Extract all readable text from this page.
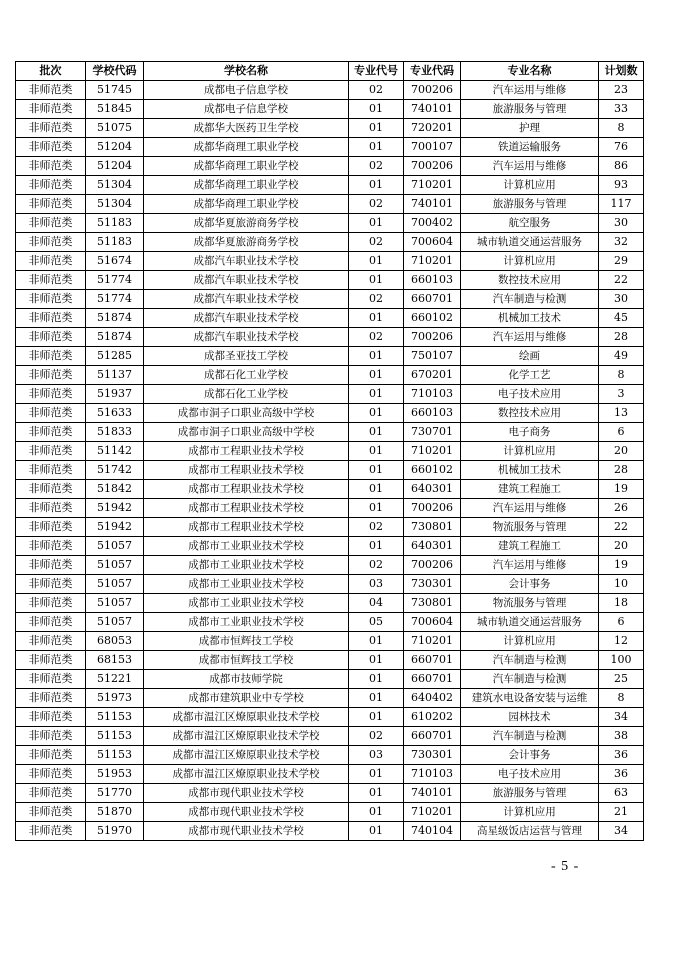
批次	学校代码	学校名称	专业代号	专业代码	专业名称	计划数
非师范类	51745	成都电子信息学校	02	700206	汽车运用与维修	23
非师范类	51845	成都电子信息学校	01	740101	旅游服务与管理	33
非师范类	51075	成都华大医药卫生学校	01	720201	护理	8
非师范类	51204	成都华商理工职业学校	01	700107	铁道运输服务	76
非师范类	51204	成都华商理工职业学校	02	700206	汽车运用与维修	86
非师范类	51304	成都华商理工职业学校	01	710201	计算机应用	93
非师范类	51304	成都华商理工职业学校	02	740101	旅游服务与管理	117
非师范类	51183	成都华夏旅游商务学校	01	700402	航空服务	30
非师范类	51183	成都华夏旅游商务学校	02	700604	城市轨道交通运营服务	32
非师范类	51674	成都汽车职业技术学校	01	710201	计算机应用	29
非师范类	51774	成都汽车职业技术学校	01	660103	数控技术应用	22
非师范类	51774	成都汽车职业技术学校	02	660701	汽车制造与检测	30
非师范类	51874	成都汽车职业技术学校	01	660102	机械加工技术	45
非师范类	51874	成都汽车职业技术学校	02	700206	汽车运用与维修	28
非师范类	51285	成都圣亚技工学校	01	750107	绘画	49
非师范类	51137	成都石化工业学校	01	670201	化学工艺	8
非师范类	51937	成都石化工业学校	01	710103	电子技术应用	3
非师范类	51633	成都市洞子口职业高级中学校	01	660103	数控技术应用	13
非师范类	51833	成都市洞子口职业高级中学校	01	730701	电子商务	6
非师范类	51142	成都市工程职业技术学校	01	710201	计算机应用	20
非师范类	51742	成都市工程职业技术学校	01	660102	机械加工技术	28
非师范类	51842	成都市工程职业技术学校	01	640301	建筑工程施工	19
非师范类	51942	成都市工程职业技术学校	01	700206	汽车运用与维修	26
非师范类	51942	成都市工程职业技术学校	02	730801	物流服务与管理	22
非师范类	51057	成都市工业职业技术学校	01	640301	建筑工程施工	20
非师范类	51057	成都市工业职业技术学校	02	700206	汽车运用与维修	19
非师范类	51057	成都市工业职业技术学校	03	730301	会计事务	10
非师范类	51057	成都市工业职业技术学校	04	730801	物流服务与管理	18
非师范类	51057	成都市工业职业技术学校	05	700604	城市轨道交通运营服务	6
非师范类	68053	成都市恒辉技工学校	01	710201	计算机应用	12
非师范类	68153	成都市恒辉技工学校	01	660701	汽车制造与检测	100
非师范类	51221	成都市技师学院	01	660701	汽车制造与检测	25
非师范类	51973	成都市建筑职业中专学校	01	640402	建筑水电设备安装与运维	8
非师范类	51153	成都市温江区燎原职业技术学校	01	610202	园林技术	34
非师范类	51153	成都市温江区燎原职业技术学校	02	660701	汽车制造与检测	38
非师范类	51153	成都市温江区燎原职业技术学校	03	730301	会计事务	36
非师范类	51953	成都市温江区燎原职业技术学校	01	710103	电子技术应用	36
非师范类	51770	成都市现代职业技术学校	01	740101	旅游服务与管理	63
非师范类	51870	成都市现代职业技术学校	01	710201	计算机应用	21
非师范类	51970	成都市现代职业技术学校	01	740104	高星级饭店运营与管理	34
- 5 -
